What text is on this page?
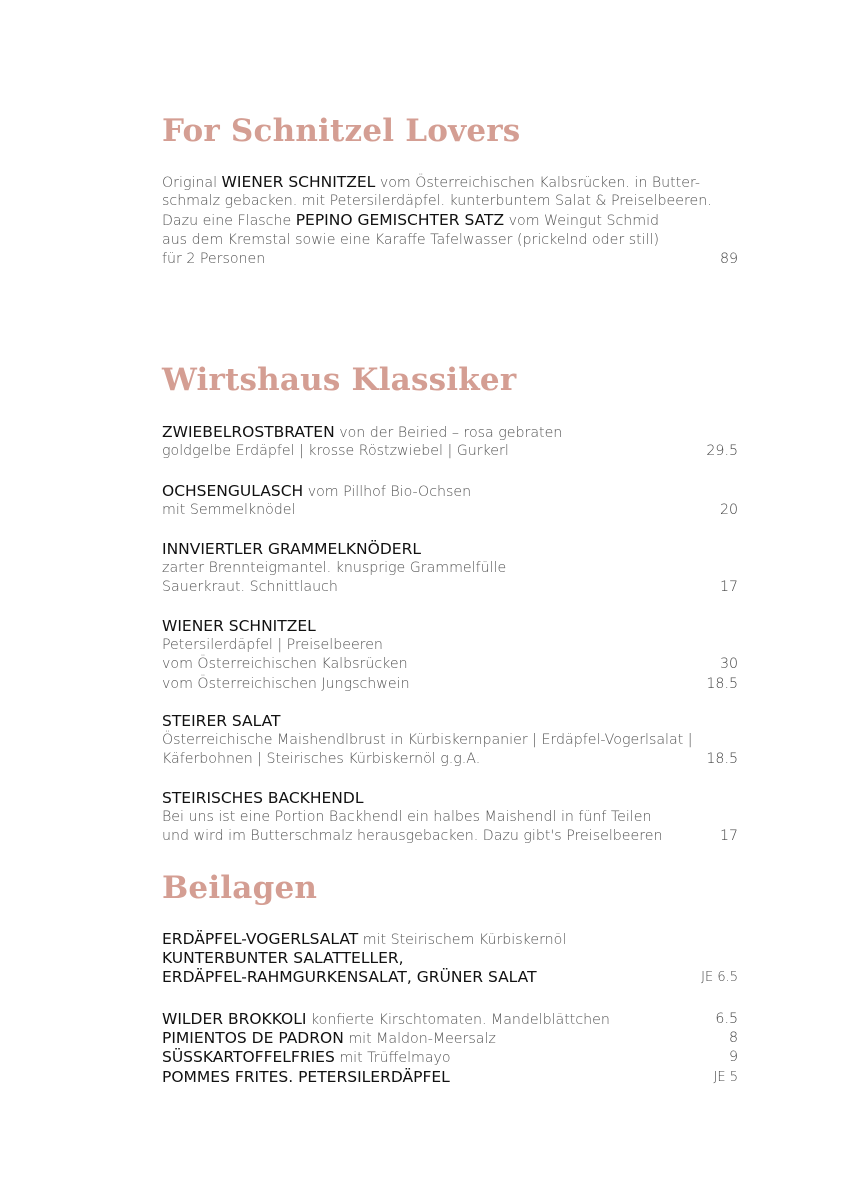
For Schnitzel Lovers
Original WIENER SCHNITZEL vom Österreichischen Kalbsrücken. in Butter-
schmalz gebacken. mit Petersilerdäpfel. kunterbuntem Salat & Preiselbeeren.
Dazu eine Flasche PEPINO GEMISCHTER SATZ vom Weingut Schmid
aus dem Kremstal sowie eine Karaffe Tafelwasser (prickelnd oder still)
für 2 Personen	89
Wirtshaus Klassiker
ZWIEBELROSTBRATEN von der Beiried – rosa gebraten
goldgelbe Erdäpfel | krosse Röstzwiebel | Gurkerl	29.5
OCHSENGULASCH vom Pillhof Bio-Ochsen
mit Semmelknödel	20
INNVIERTLER GRAMMELKNÖDERL
zarter Brennteigmantel. knusprige Grammelfülle
Sauerkraut. Schnittlauch	17
WIENER SCHNITZEL
Petersilerdäpfel | Preiselbeeren
vom Österreichischen Kalbsrücken	30
vom Österreichischen Jungschwein	18.5
STEIRER SALAT
Österreichische Maishendlbrust in Kürbiskernpanier | Erdäpfel-Vogerlsalat |
Käferbohnen | Steirisches Kürbiskernöl g.g.A.	18.5
STEIRISCHES BACKHENDL
Bei uns ist eine Portion Backhendl ein halbes Maishendl in fünf Teilen
und wird im Butterschmalz herausgebacken. Dazu gibt's Preiselbeeren	17
Beilagen
ERDÄPFEL-VOGERLSALAT mit Steirischem Kürbiskernöl
KUNTERBUNTER SALATTELLER,
ERDÄPFEL-RAHMGURKENSALAT, GRÜNER SALAT	JE 6.5
WILDER BROKKOLI konfierte Kirschtomaten. Mandelblättchen	6.5
PIMIENTOS DE PADRON mit Maldon-Meersalz	8
SÜSSKARTOFFELFRIES mit Trüffelmayo	9
POMMES FRITES. PETERSILERDÄPFEL	JE 5
